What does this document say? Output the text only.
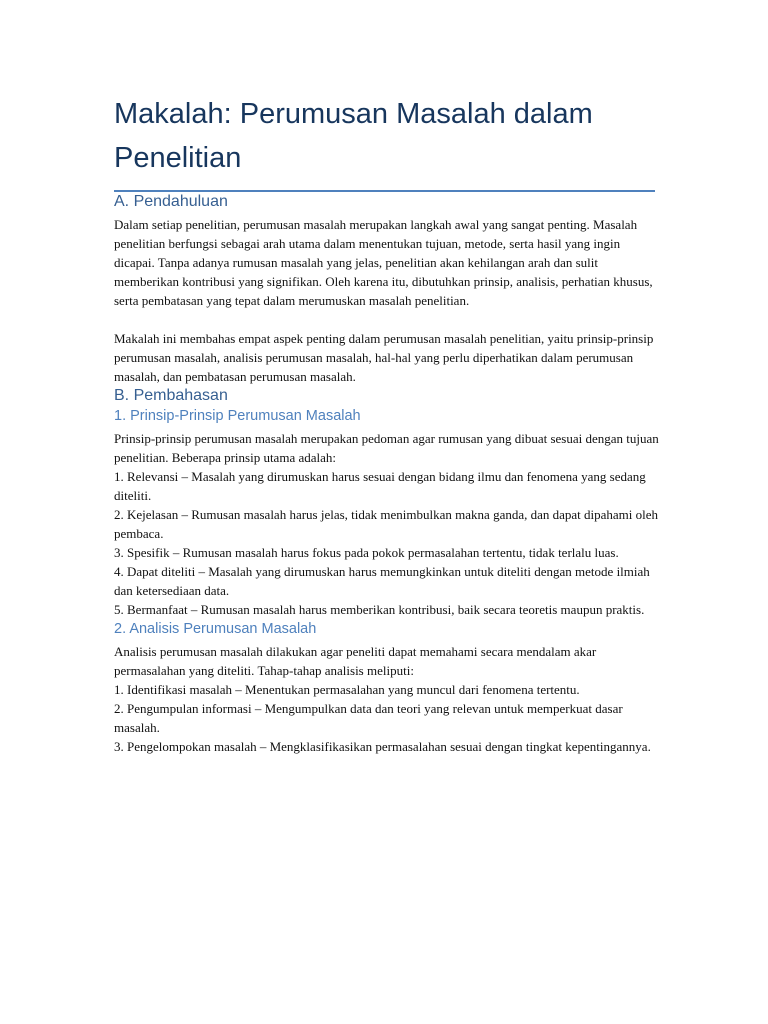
Makalah: Perumusan Masalah dalam Penelitian
A. Pendahuluan

Dalam setiap penelitian, perumusan masalah merupakan langkah awal yang sangat penting. Masalah penelitian berfungsi sebagai arah utama dalam menentukan tujuan, metode, serta hasil yang ingin dicapai. Tanpa adanya rumusan masalah yang jelas, penelitian akan kehilangan arah dan sulit memberikan kontribusi yang signifikan. Oleh karena itu, dibutuhkan prinsip, analisis, perhatian khusus, serta pembatasan yang tepat dalam merumuskan masalah penelitian.

Makalah ini membahas empat aspek penting dalam perumusan masalah penelitian, yaitu prinsip-prinsip perumusan masalah, analisis perumusan masalah, hal-hal yang perlu diperhatikan dalam perumusan masalah, dan pembatasan perumusan masalah.

B. Pembahasan
1. Prinsip-Prinsip Perumusan Masalah

Prinsip-prinsip perumusan masalah merupakan pedoman agar rumusan yang dibuat sesuai dengan tujuan penelitian. Beberapa prinsip utama adalah:

1. Relevansi – Masalah yang dirumuskan harus sesuai dengan bidang ilmu dan fenomena yang sedang diteliti.

2. Kejelasan – Rumusan masalah harus jelas, tidak menimbulkan makna ganda, dan dapat dipahami oleh pembaca.

3. Spesifik – Rumusan masalah harus fokus pada pokok permasalahan tertentu, tidak terlalu luas.

4. Dapat diteliti – Masalah yang dirumuskan harus memungkinkan untuk diteliti dengan metode ilmiah dan ketersediaan data.

5. Bermanfaat – Rumusan masalah harus memberikan kontribusi, baik secara teoretis maupun praktis.

2. Analisis Perumusan Masalah

Analisis perumusan masalah dilakukan agar peneliti dapat memahami secara mendalam akar permasalahan yang diteliti. Tahap-tahap analisis meliputi:

1. Identifikasi masalah – Menentukan permasalahan yang muncul dari fenomena tertentu.

2. Pengumpulan informasi – Mengumpulkan data dan teori yang relevan untuk memperkuat dasar masalah.

3. Pengelompokan masalah – Mengklasifikasikan permasalahan sesuai dengan tingkat kepentingannya.
